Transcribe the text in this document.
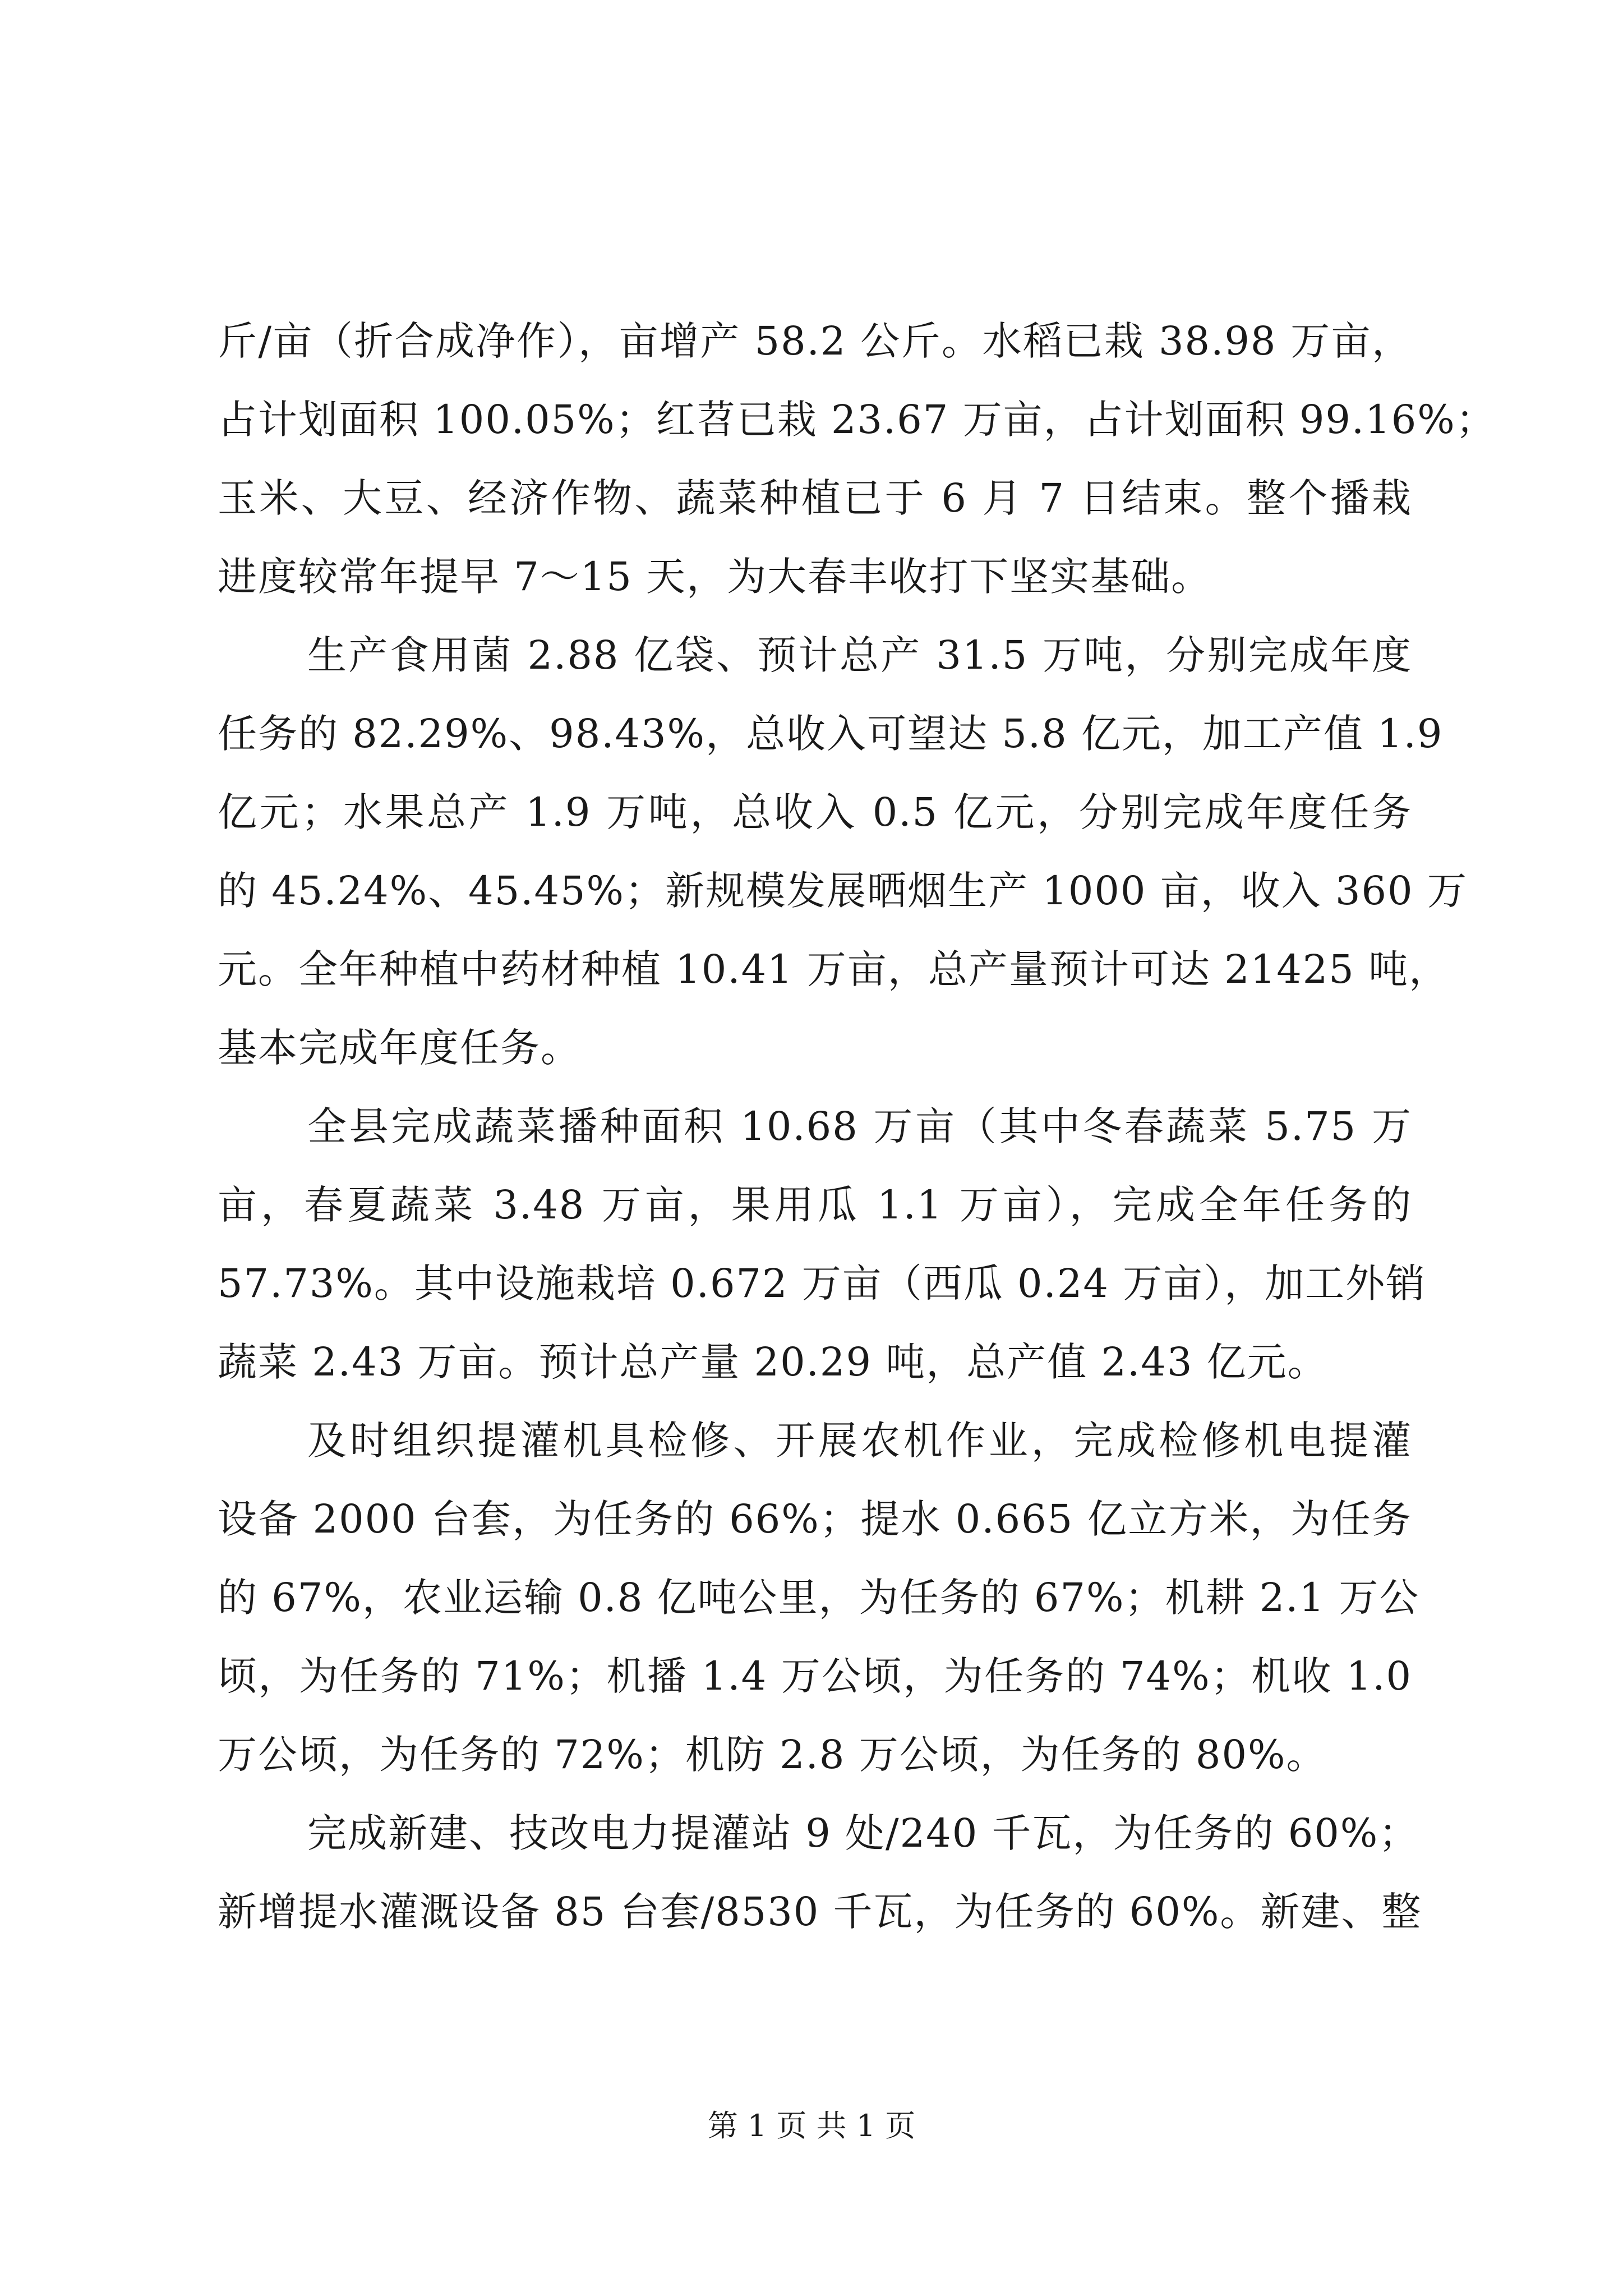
斤/亩（折合成净作），亩增产 58.2 公斤。水稻已栽 38.98 万亩，
占计划面积 100.05%；红苕已栽 23.67 万亩，占计划面积 99.16%；
玉米、大豆、经济作物、蔬菜种植已于 6 月 7 日结束。整个播栽
进度较常年提早 7～15 天，为大春丰收打下坚实基础。
生产食用菌 2.88 亿袋、预计总产 31.5 万吨，分别完成年度
任务的 82.29%、98.43%，总收入可望达 5.8 亿元，加工产值 1.9
亿元；水果总产 1.9 万吨，总收入 0.5 亿元，分别完成年度任务
的 45.24%、45.45%；新规模发展晒烟生产 1000 亩，收入 360 万
元。全年种植中药材种植 10.41 万亩，总产量预计可达 21425 吨，
基本完成年度任务。
全县完成蔬菜播种面积 10.68 万亩（其中冬春蔬菜 5.75 万
亩，春夏蔬菜 3.48 万亩，果用瓜 1.1 万亩），完成全年任务的
57.73%。其中设施栽培 0.672 万亩（西瓜 0.24 万亩），加工外销
蔬菜 2.43 万亩。预计总产量 20.29 吨，总产值 2.43 亿元。
及时组织提灌机具检修、开展农机作业，完成检修机电提灌
设备 2000 台套，为任务的 66%；提水 0.665 亿立方米，为任务
的 67%，农业运输 0.8 亿吨公里，为任务的 67%；机耕 2.1 万公
顷，为任务的 71%；机播 1.4 万公顷，为任务的 74%；机收 1.0
万公顷，为任务的 72%；机防 2.8 万公顷，为任务的 80%。
完成新建、技改电力提灌站 9 处/240 千瓦，为任务的 60%；
新增提水灌溉设备 85 台套/8530 千瓦，为任务的 60%。新建、整
第 1 页 共 1 页
